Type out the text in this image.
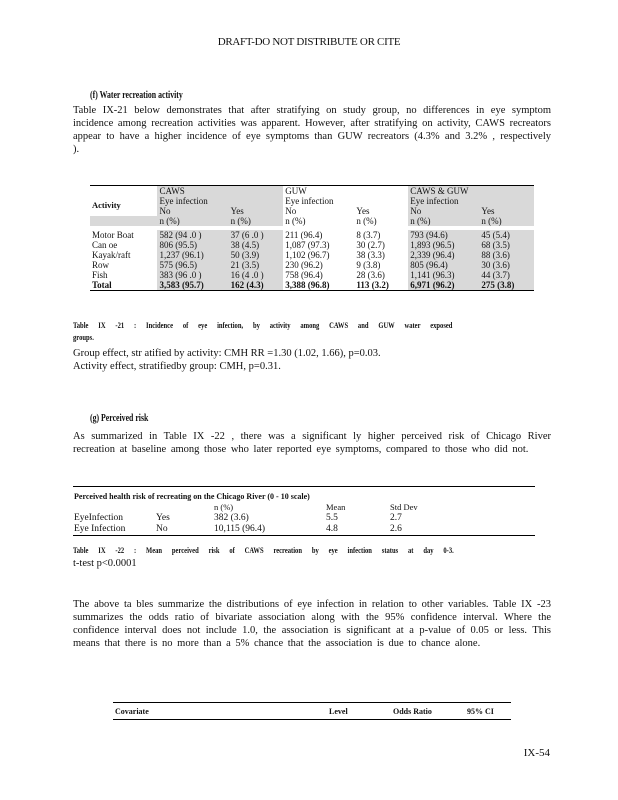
DRAFT-DO NOT DISTRIBUTE OR CITE
(f) Water recreation activity
Table IX-21 below demonstrates that after stratifying on study group, no differences in eye symptom incidence among recreation activities was apparent. However, after stratifying on activity, CAWS recreators appear to have a higher incidence of eye symptoms than GUW recreators (4.3% and 3.2% , respectively ).
Activity	CAWS		GUW		CAWS & GUW	
	Eye infection		Eye infection		Eye infection	
	No	Yes	No	Yes	No	Yes
	n (%)	n (%)	n (%)	n (%)	n (%)	n (%)

Motor Boat	582 (94 .0 )	37 (6 .0 )	211 (96.4)	8 (3.7)	793 (94.6)	45 (5.4)
Can oe	806 (95.5)	38 (4.5)	1,087 (97.3)	30 (2.7)	1,893 (96.5)	68 (3.5)
Kayak/raft	1,237 (96.1)	50 (3.9)	1,102 (96.7)	38 (3.3)	2,339 (96.4)	88 (3.6)
Row	575 (96.5)	21 (3.5)	230 (96.2)	9 (3.8)	805 (96.4)	30 (3.6)
Fish	383 (96 .0 )	16 (4 .0 )	758 (96.4)	28 (3.6)	1,141 (96.3)	44 (3.7)
Total	3,583 (95.7)	162 (4.3)	3,388 (96.8)	113 (3.2)	6,971 (96.2)	275 (3.8)
Table IX -21 : Incidence of eye infection, by activity among CAWS and GUW water exposed
groups.
Group effect, str atified by activity: CMH RR =1.30 (1.02, 1.66), p=0.03.
Activity effect, stratifiedby group: CMH, p=0.31.
(g) Perceived risk
As summarized in Table IX -22 , there was a significant ly higher perceived risk of Chicago River recreation at baseline among those who later reported eye symptoms, compared to those who did not.
Perceived health risk of recreating on the Chicago River (0 - 10 scale)				
		n (%)	Mean	Std Dev
EyeInfection	Yes	382 (3.6)	5.5	2.7
Eye Infection	No	10,115 (96.4)	4.8	2.6
Table IX -22 : Mean perceived risk of CAWS recreation by eye infection status at day 0-3.
t-test p<0.0001
The above ta bles summarize the distributions of eye infection in relation to other variables. Table IX -23 summarizes the odds ratio of bivariate association along with the 95% confidence interval. Where the confidence interval does not include 1.0, the association is significant at a p-value of 0.05 or less. This means that there is no more than a 5% chance that the association is due to chance alone.
Covariate	Level	Odds Ratio	95% CI
IX-54
